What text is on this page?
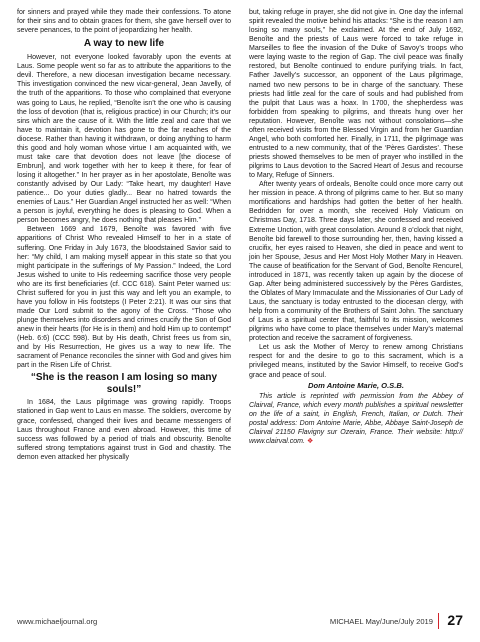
for sinners and prayed while they made their confessions. To atone for their sins and to obtain graces for them, she gave herself over to severe penances, to the point of jeopardizing her health.

A way to new life

However, not everyone looked favorably upon the events at Laus. Some people went so far as to attribute the apparitions to the devil. Therefore, a new diocesan investigation became necessary. This investigation convinced the new vicar-general, Jean Javelly, of the truth of the apparitions. To those who complained that everyone was going to Laus, he replied, “Benoîte isn’t the one who is causing the loss of devotion (that is, religious practice) in our Church; it’s our sins which are the cause of it. With the little zeal and care that we have to maintain it, devotion has gone to the far reaches of the diocese. Rather than having it withdrawn, or doing anything to harm this good and holy woman whose virtue I am acquainted with, we must take care that devotion does not leave [the diocese of Embrun], and work together with her to keep it there, for fear of losing it altogether.” In her prayer as in her apostolate, Benoîte was constantly advised by Our Lady: “Take heart, my daughter! Have patience... Do your duties gladly... Bear no hatred towards the enemies of Laus.” Her Guardian Angel instructed her as well: “When a person is joyful, everything he does is pleasing to God. When a person becomes angry, he does nothing that pleases Him.”

Between 1669 and 1679, Benoîte was favored with five apparitions of Christ Who revealed Himself to her in a state of suffering. One Friday in July 1673, the bloodstained Savior said to her: “My child, I am making myself appear in this state so that you might participate in the sufferings of My Passion.” Indeed, the Lord Jesus wished to unite to His redeeming sacrifice those very people who are its first beneficiaries (cf. CCC 618). Saint Peter warned us: Christ suffered for you in just this way and left you an example, to have you follow in His footsteps (I Peter 2:21). It was our sins that made Our Lord submit to the agony of the Cross. “Those who plunge themselves into disorders and crimes crucify the Son of God anew in their hearts (for He is in them) and hold Him up to contempt” (Heb. 6:6) (CCC 598). But by His death, Christ frees us from sin, and by His Resurrection, He gives us a way to new life. The sacrament of Penance reconciles the sinner with God and gives him part in the Risen Life of Christ.

“She is the reason I am losing so many souls!”

In 1684, the Laus pilgrimage was growing rapidly. Troops stationed in Gap went to Laus en masse. The soldiers, overcome by grace, confessed, changed their lives and became messengers of Laus throughout France and even abroad. However, this time of success was followed by a period of trials and obscurity. Benoîte suffered strong temptations against trust in God and chastity. The demon even attacked her physically

but, taking refuge in prayer, she did not give in. One day the infernal spirit revealed the motive behind his attacks: “She is the reason I am losing so many souls,” he exclaimed. At the end of July 1692, Benoîte and the priests of Laus were forced to take refuge in Marseilles to flee the invasion of the Duke of Savoy’s troops who were laying waste to the region of Gap. The civil peace was finally restored, but Benoîte continued to endure purifying trials. In fact, Father Javelly’s successor, an opponent of the Laus pilgrimage, named two new persons to be in charge of the sanctuary. These priests had little zeal for the care of souls and had published from the pulpit that Laus was a hoax. In 1700, the shepherdess was forbidden from speaking to pilgrims, and threats hung over her reputation. However, Benoîte was not without consolations—she often received visits from the Blessed Virgin and from her Guardian Angel, who both comforted her. Finally, in 1711, the pilgrimage was entrusted to a new community, that of the ‘Pères Gardistes’. These priests showed themselves to be men of prayer who instilled in the pilgrims to Laus devotion to the Sacred Heart of Jesus and recourse to Mary, Refuge of Sinners.

After twenty years of ordeals, Benoîte could once more carry out her mission in peace. A throng of pilgrims came to her. But so many mortifications and hardships had gotten the better of her health. Bedridden for over a month, she received Holy Viaticum on Christmas Day, 1718. Three days later, she confessed and received Extreme Unction, with great consolation. Around 8 o’clock that night, Benoîte bid farewell to those surrounding her, then, having kissed a crucifix, her eyes raised to Heaven, she died in peace and went to join her Spouse, Jesus and Her Most Holy Mother Mary in Heaven. The cause of beatification for the Servant of God, Benoîte Rencurel, introduced in 1871, was recently taken up again by the diocese of Gap. After being administered successively by the Pères Gardistes, the Oblates of Mary Immaculate and the Missionaries of Our Lady of Laus, the sanctuary is today entrusted to the diocesan clergy, with help from a community of the Brothers of Saint John. The sanctuary of Laus is a spiritual center that, faithful to its mission, welcomes pilgrims who have come to place themselves under Mary’s maternal protection and receive the sacrament of forgiveness.

Let us ask the Mother of Mercy to renew among Christians respect for and the desire to go to this sacrament, which is a privileged means, instituted by the Savior Himself, to receive God’s grace and peace of soul.

Dom Antoine Marie, O.S.B.

This article is reprinted with permission from the Abbey of Clairval, France, which every month publishes a spiritual newsletter on the life of a saint, in English, French, Italian, or Dutch. Their postal address: Dom Antoine Marie, Abbe, Abbaye Saint-Joseph de Clairval 21150 Flavigny sur Ozerain, France. Their website: http:// www.clairval.com. ❖

www.michaeljournal.org	MICHAEL May/June/July 2019 27
